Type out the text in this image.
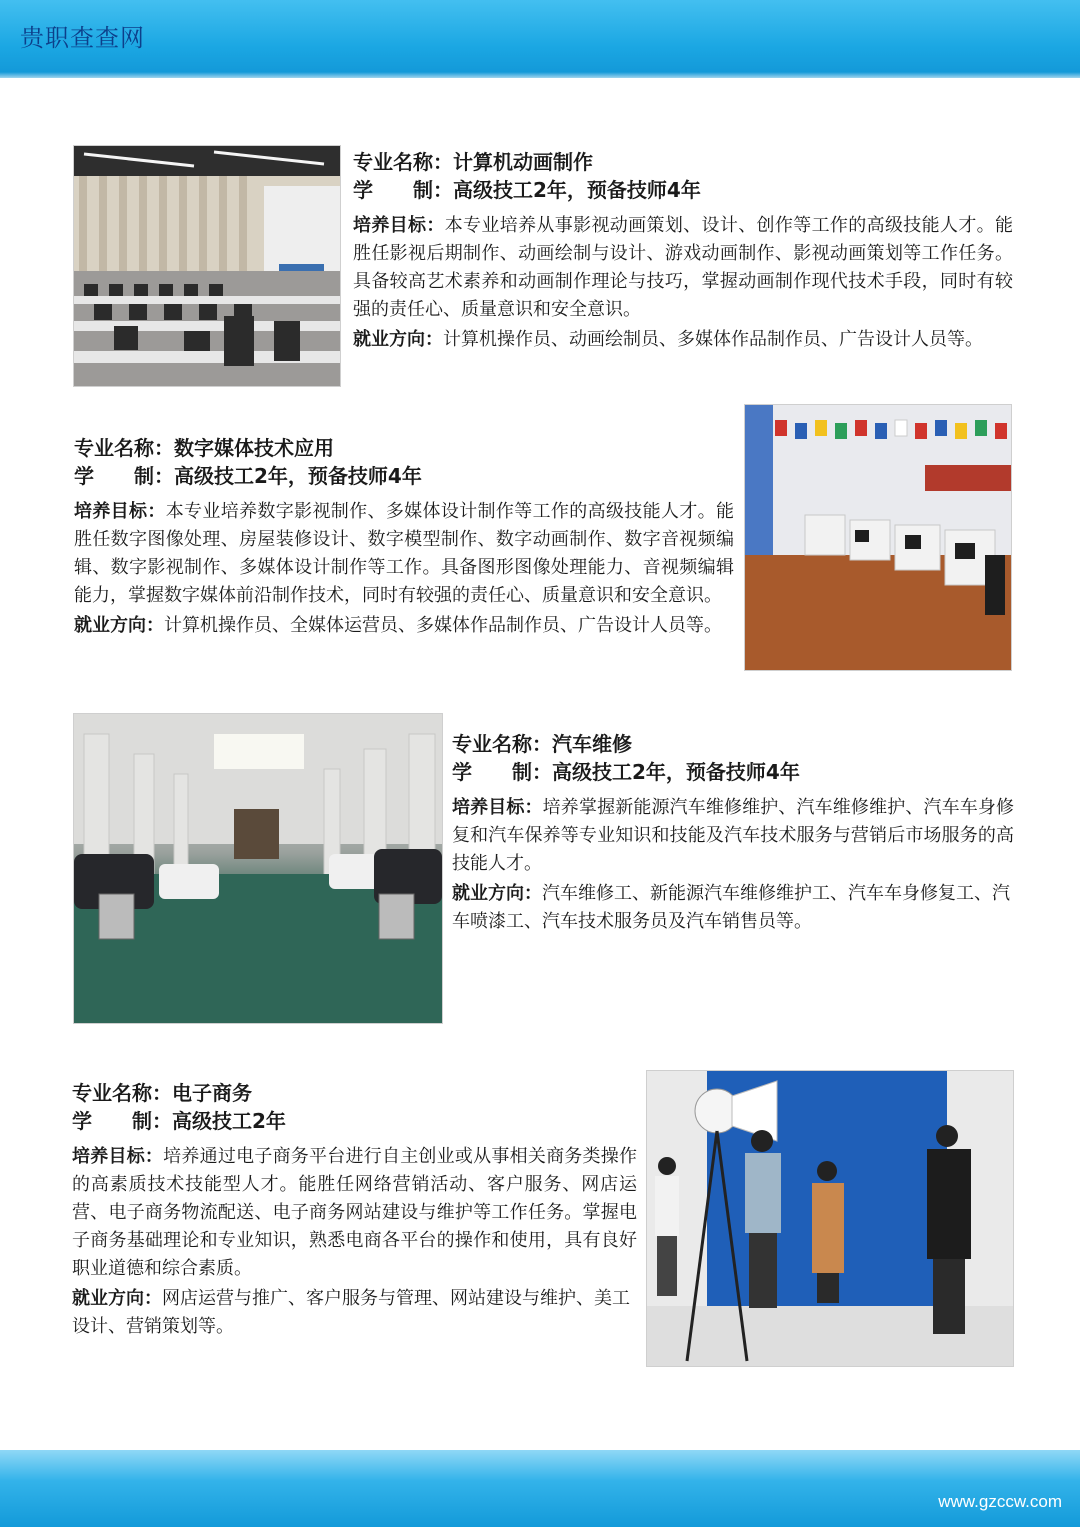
贵职查查网
专业名称： 计算机动画制作
学　　制： 高级技工2年，预备技师4年
培养目标：本专业培养从事影视动画策划、设计、创作等工作的高级技能人才。能胜任影视后期制作、动画绘制与设计、游戏动画制作、影视动画策划等工作任务。具备较高艺术素养和动画制作理论与技巧，掌握动画制作现代技术手段，同时有较强的责任心、质量意识和安全意识。
就业方向：计算机操作员、动画绘制员、多媒体作品制作员、广告设计人员等。
专业名称： 数字媒体技术应用
学　　制： 高级技工2年，预备技师4年
培养目标：本专业培养数字影视制作、多媒体设计制作等工作的高级技能人才。能胜任数字图像处理、房屋装修设计、数字模型制作、数字动画制作、数字音视频编辑、数字影视制作、多媒体设计制作等工作。具备图形图像处理能力、音视频编辑能力，掌握数字媒体前沿制作技术，同时有较强的责任心、质量意识和安全意识。
就业方向：计算机操作员、全媒体运营员、多媒体作品制作员、广告设计人员等。
专业名称： 汽车维修
学　　制： 高级技工2年，预备技师4年
培养目标：培养掌握新能源汽车维修维护、汽车维修维护、汽车车身修复和汽车保养等专业知识和技能及汽车技术服务与营销后市场服务的高技能人才。
就业方向：汽车维修工、新能源汽车维修维护工、汽车车身修复工、汽车喷漆工、汽车技术服务员及汽车销售员等。
专业名称： 电子商务
学　　制： 高级技工2年
培养目标：培养通过电子商务平台进行自主创业或从事相关商务类操作的高素质技术技能型人才。能胜任网络营销活动、客户服务、网店运营、电子商务物流配送、电子商务网站建设与维护等工作任务。掌握电子商务基础理论和专业知识，熟悉电商各平台的操作和使用，具有良好职业道德和综合素质。
就业方向：网店运营与推广、客户服务与管理、网站建设与维护、美工设计、营销策划等。
www.gzccw.com
